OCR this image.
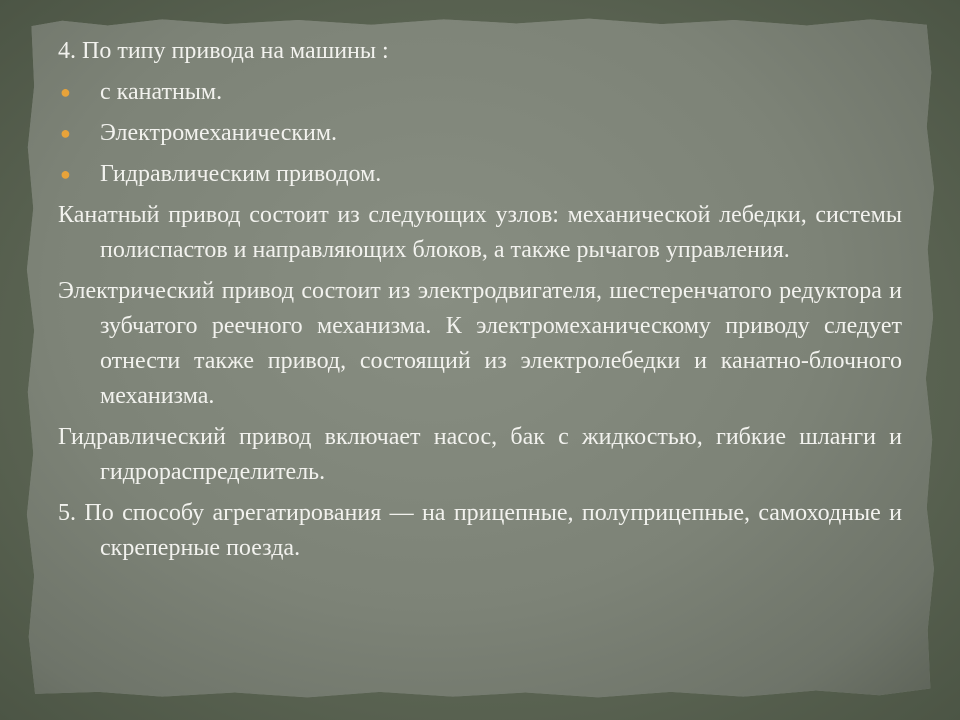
4. По типу привода на машины :
● с канатным.
● Электромеханическим.
● Гидравлическим приводом.
Канатный привод состоит из следующих узлов: механической лебедки, системы полиспастов и направляющих блоков, а также рычагов управления.
Электрический привод состоит из электродвигателя, шестеренчатого редуктора и зубчатого реечного механизма. К электромеханическому приводу следует отнести также привод, состоящий из электролебедки и канатно-блочного механизма.
Гидравлический привод включает насос, бак с жидкостью, гибкие шланги и гидрораспределитель.
5. По способу агрегатирования — на прицепные, полуприцепные, самоходные и скреперные поезда.
